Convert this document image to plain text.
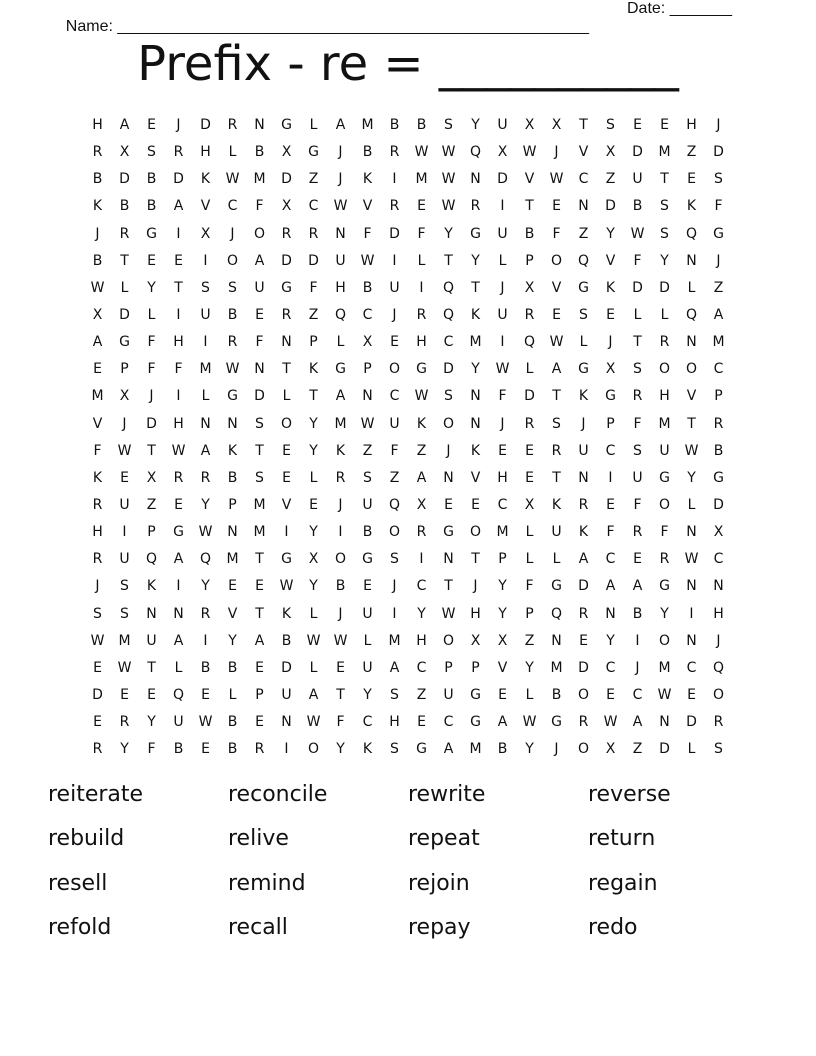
Name: _____________________________________________________

Date: _______

Prefix - re = __________
H	A	E	J	D	R	N	G	L	A	M	B	B	S	Y	U	X	X	T	S	E	E	H	J
R	X	S	R	H	L	B	X	G	J	B	R	W W	Q	X	W	J	V	X	D	M	Z	D
B	D	B	D	K	W	M	D	Z	J	K	I	M	W	N	D	V	W	C	Z	U	T	E	S
K	B	B	A	V	C	F	X	C	W	V	R	E	W	R	I	T	E	N	D	B	S	K	F
J	R	G	I	X	J	O	R	R	N	F	D	F	Y	G	U	B	F	Z	Y	W	S	Q	G
B	T	E	E	I	O	A	D	D	U	W	I	L	T	Y	L	P	O	Q	V	F	Y	N	J
W	L	Y	T	S	S	U	G	F	H	B	U	I	Q	T	J	X	V	G	K	D	D	L	Z
X	D	L	I	U	B	E	R	Z	Q	C	J	R	Q	K	U	R	E	S	E	L	L	Q	A
A	G	F	H	I	R	F	N	P	L	X	E	H	C	M	I	Q	W	L	J	T	R	N	M
E	P	F	F	M	W	N	T	K	G	P	O	G	D	Y	W	L	A	G	X	S	O	O	C
M	X	J	I	L	G	D	L	T	A	N	C	W	S	N	F	D	T	K	G	R	H	V	P
V	J	D	H	N	N	S	O	Y	M	W	U	K	O	N	J	R	S	J	P	F	M	T	R
F	W	T	W	A	K	T	E	Y	K	Z	F	Z	J	K	E	E	R	U	C	S	U	W	B
K	E	X	R	R	B	S	E	L	R	S	Z	A	N	V	H	E	T	N	I	U	G	Y	G
R	U	Z	E	Y	P	M	V	E	J	U	Q	X	E	E	C	X	K	R	E	F	O	L	D
H	I	P	G	W	N	M	I	Y	I	B	O	R	G	O	M	L	U	K	F	R	F	N	X
R	U	Q	A	Q	M	T	G	X	O	G	S	I	N	T	P	L	L	A	C	E	R	W	C
J	S	K	I	Y	E	E	W	Y	B	E	J	C	T	J	Y	F	G	D	A	A	G	N	N
S	S	N	N	R	V	T	K	L	J	U	I	Y	W	H	Y	P	Q	R	N	B	Y	I	H
W	M	U	A	I	Y	A	B	W W	L	M	H	O	X	X	Z	N	E	Y	I	O	N	J
E	W	T	L	B	B	E	D	L	E	U	A	C	P	P	V	Y	M	D	C	J	M	C	Q
D	E	E	Q	E	L	P	U	A	T	Y	S	Z	U	G	E	L	B	O	E	C	W	E	O
E	R	Y	U	W	B	E	N	W	F	C	H	E	C	G	A	W	G	R	W	A	N	D	R
R	Y	F	B	E	B	R	I	O	Y	K	S	G	A	M	B	Y	J	O	X	Z	D	L	S
reiterate	reconcile	rewrite	reverse
rebuild	relive	repeat	return
resell	remind	rejoin	regain
refold	recall	repay	redo
